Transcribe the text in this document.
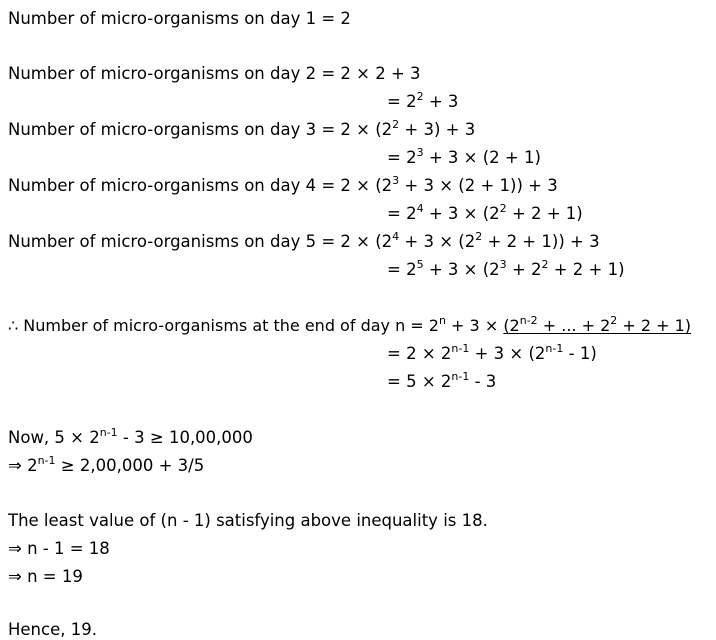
Number of micro-organisms on day 1 = 2
Number of micro-organisms on day 2 = 2 × 2 + 3
= $2^2 + 3$
Number of micro-organisms on day $3 = 2 \times (2^2 + 3) + 3$
= $2^3 + 3 \times (2 + 1)$
Number of micro-organisms on day $4 = 2 \times (2^3 + 3 \times (2 + 1)) + 3$
= $2^4 + 3 \times (2^2 + 2 + 1)$
Number of micro-organisms on day $5 = 2 \times (2^4 + 3 \times (2^2 + 2 + 1)) + 3$
= $2^5 + 3 \times (2^3 + 2^2 + 2 + 1)$
∴ Number of micro-organisms at the end of day $n = 2^n + 3 \times (2^{n-2}$ + ... + $2^2 + 2 + 1$)
= $2 \times 2^{n-1} + 3 \times (2^{n-1} - 1)$
= $5 \times 2^{n-1} - 3$
Now, $5 \times 2^{n-1} - 3 \ge 10,00,000$
⇒ $2^{n-1} \ge 2,00,000 + 3/5$
The least value of (n - 1) satisfying above inequality is 18.
⇒ n - 1 = 18
⇒ n = 19
Hence, 19.
